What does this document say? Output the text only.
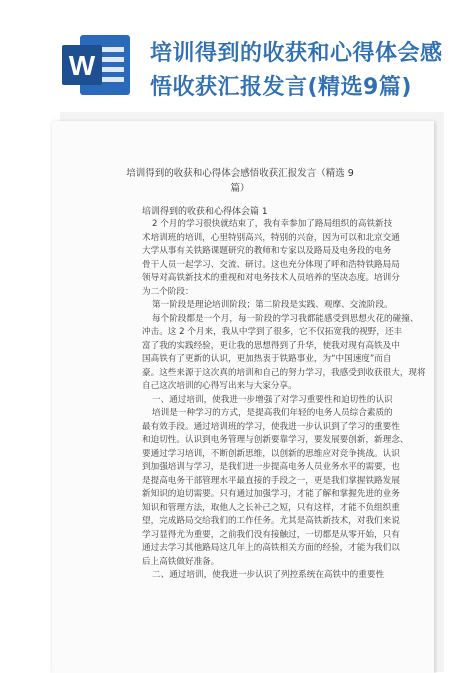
W 培训得到的收获和心得体会感
悟收获汇报发言(精选9篇)
培训得到的收获和心得体会感悟收获汇报发言（精选 9
篇）
培训得到的收获和心得体会篇 1
2 个月的学习很快就结束了，我有幸参加了路局组织的高铁新技
术培训班的培训，心里特别高兴，特别的兴奋，因为可以和北京交通
大学从事有关铁路课题研究的教师和专家以及路局及电务段的电务
骨干人员一起学习、交流、研讨。这也充分体现了呼和浩特铁路局局
领导对高铁新技术的重视和对电务技术人员培养的坚决态度。培训分
为二个阶段：
第一阶段是理论培训阶段；第二阶段是实践、观摩、交流阶段。
每个阶段都是一个月，每一阶段的学习我都能感受到思想火花的碰撞、
冲击。这 2 个月来，我从中学到了很多，它不仅拓宽我的视野，还丰
富了我的实践经验，更让我的思想得到了升华，使我对现有高铁及中
国高铁有了更新的认识，更加热衷于铁路事业，为“中国速度”而自
豪。这些来源于这次真的培训和自己的努力学习，我感受到收获很大，现将
自己这次培训的心得写出来与大家分享。
一、通过培训，使我进一步增强了对学习重要性和迫切性的认识
培训是一种学习的方式，是提高我们年轻的电务人员综合素质的
最有效手段。通过培训班的学习，使我进一步认识到了学习的重要性
和迫切性。认识到电务管理与创新要靠学习，要发展要创新，新理念、
要通过学习培训，不断创新思维，以创新的思维应对竞争挑战。认识
到加强培训与学习，是我们进一步提高电务人员业务水平的需要，也
是提高电务干部管理水平最直接的手段之一，更是我们掌握铁路发展
新知识的迫切需要。只有通过加强学习，才能了解和掌握先进的业务
知识和管理方法，取他人之长补己之短，只有这样，才能不负组织重
望，完成路局交给我们的工作任务。尤其是高铁新技术，对我们来说
学习显得尤为重要，之前我们没有接触过，一切都是从零开始，只有
通过去学习其他路局这几年上的高铁相关方面的经验，才能为我们以
后上高铁做好准备。
二、通过培训，使我进一步认识了列控系统在高铁中的重要性
